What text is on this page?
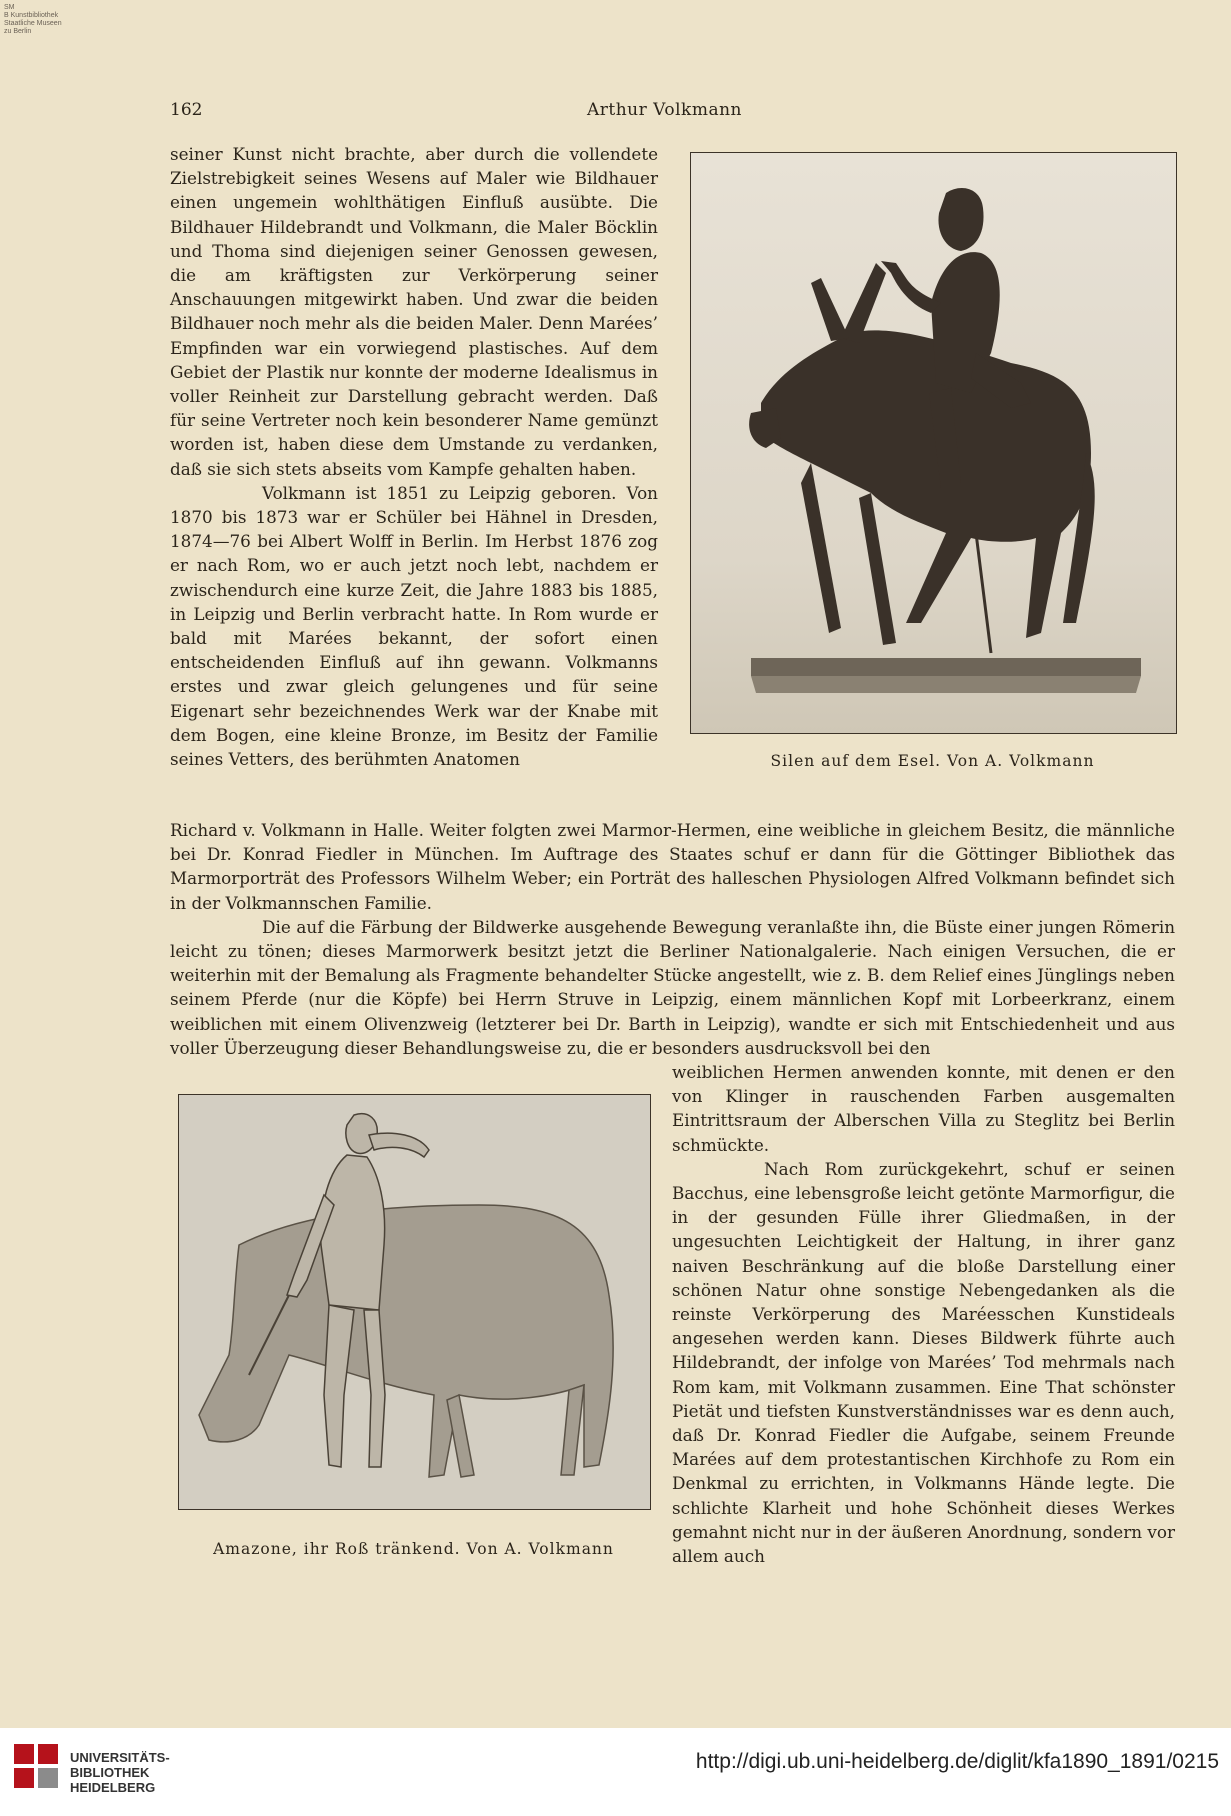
SM
B Kunstbibliothek
Staatliche Museen
zu Berlin
162	Arthur Volkmann

seiner Kunst nicht brachte, aber durch die vollendete Zielstrebigkeit seines Wesens auf Maler wie Bildhauer einen ungemein wohlthätigen Einfluß ausübte. Die Bildhauer Hildebrandt und Volkmann, die Maler Böcklin und Thoma sind diejenigen seiner Genossen gewesen, die am kräftigsten zur Verkörperung seiner Anschauungen mitgewirkt haben. Und zwar die beiden Bildhauer noch mehr als die beiden Maler. Denn Marées’ Empfinden war ein vorwiegend plastisches. Auf dem Gebiet der Plastik nur konnte der moderne Idealismus in voller Reinheit zur Darstellung gebracht werden. Daß für seine Vertreter noch kein besonderer Name gemünzt worden ist, haben diese dem Umstande zu verdanken, daß sie sich stets abseits vom Kampfe gehalten haben.

Volkmann ist 1851 zu Leipzig geboren. Von 1870 bis 1873 war er Schüler bei Hähnel in Dresden, 1874—76 bei Albert Wolff in Berlin. Im Herbst 1876 zog er nach Rom, wo er auch jetzt noch lebt, nachdem er zwischendurch eine kurze Zeit, die Jahre 1883 bis 1885, in Leipzig und Berlin verbracht hatte. In Rom wurde er bald mit Marées bekannt, der sofort einen entscheidenden Einfluß auf ihn gewann. Volkmanns erstes und zwar gleich gelungenes und für seine Eigenart sehr bezeichnendes Werk war der Knabe mit dem Bogen, eine kleine Bronze, im Besitz der Familie seines Vetters, des berühmten Anatomen	Silen auf dem Esel. Von A. Volkmann

Richard v. Volkmann in Halle. Weiter folgten zwei Marmor-Hermen, eine weibliche in gleichem Besitz, die männliche bei Dr. Konrad Fiedler in München. Im Auftrage des Staates schuf er dann für die Göttinger Bibliothek das Marmorporträt des Professors Wilhelm Weber; ein Porträt des halleschen Physiologen Alfred Volkmann befindet sich in der Volkmannschen Familie.

Die auf die Färbung der Bildwerke ausgehende Bewegung veranlaßte ihn, die Büste einer jungen Römerin leicht zu tönen; dieses Marmorwerk besitzt jetzt die Berliner Nationalgalerie. Nach einigen Versuchen, die er weiterhin mit der Bemalung als Fragmente behandelter Stücke angestellt, wie z. B. dem Relief eines Jünglings neben seinem Pferde (nur die Köpfe) bei Herrn Struve in Leipzig, einem männlichen Kopf mit Lorbeerkranz, einem weiblichen mit einem Olivenzweig (letzterer bei Dr. Barth in Leipzig), wandte er sich mit Entschiedenheit und aus voller Überzeugung dieser Behandlungsweise zu, die er besonders ausdrucksvoll bei den

Amazone, ihr Roß tränkend. Von A. Volkmann

weiblichen Hermen anwenden konnte, mit denen er den von Klinger in rauschenden Farben ausgemalten Eintrittsraum der Alberschen Villa zu Steglitz bei Berlin schmückte.

Nach Rom zurückgekehrt, schuf er seinen Bacchus, eine lebensgroße leicht getönte Marmorfigur, die in der gesunden Fülle ihrer Gliedmaßen, in der ungesuchten Leichtigkeit der Haltung, in ihrer ganz naiven Beschränkung auf die bloße Darstellung einer schönen Natur ohne sonstige Nebengedanken als die reinste Verkörperung des Maréesschen Kunstideals angesehen werden kann. Dieses Bildwerk führte auch Hildebrandt, der infolge von Marées’ Tod mehrmals nach Rom kam, mit Volkmann zusammen. Eine That schönster Pietät und tiefsten Kunstverständnisses war es denn auch, daß Dr. Konrad Fiedler die Aufgabe, seinem Freunde Marées auf dem protestantischen Kirchhofe zu Rom ein Denkmal zu errichten, in Volkmanns Hände legte. Die schlichte Klarheit und hohe Schönheit dieses Werkes gemahnt nicht nur in der äußeren Anordnung, sondern vor allem auch

UNIVERSITÄTS-
BIBLIOTHEK
HEIDELBERG
http://digi.ub.uni-heidelberg.de/diglit/kfa1890_1891/0215
